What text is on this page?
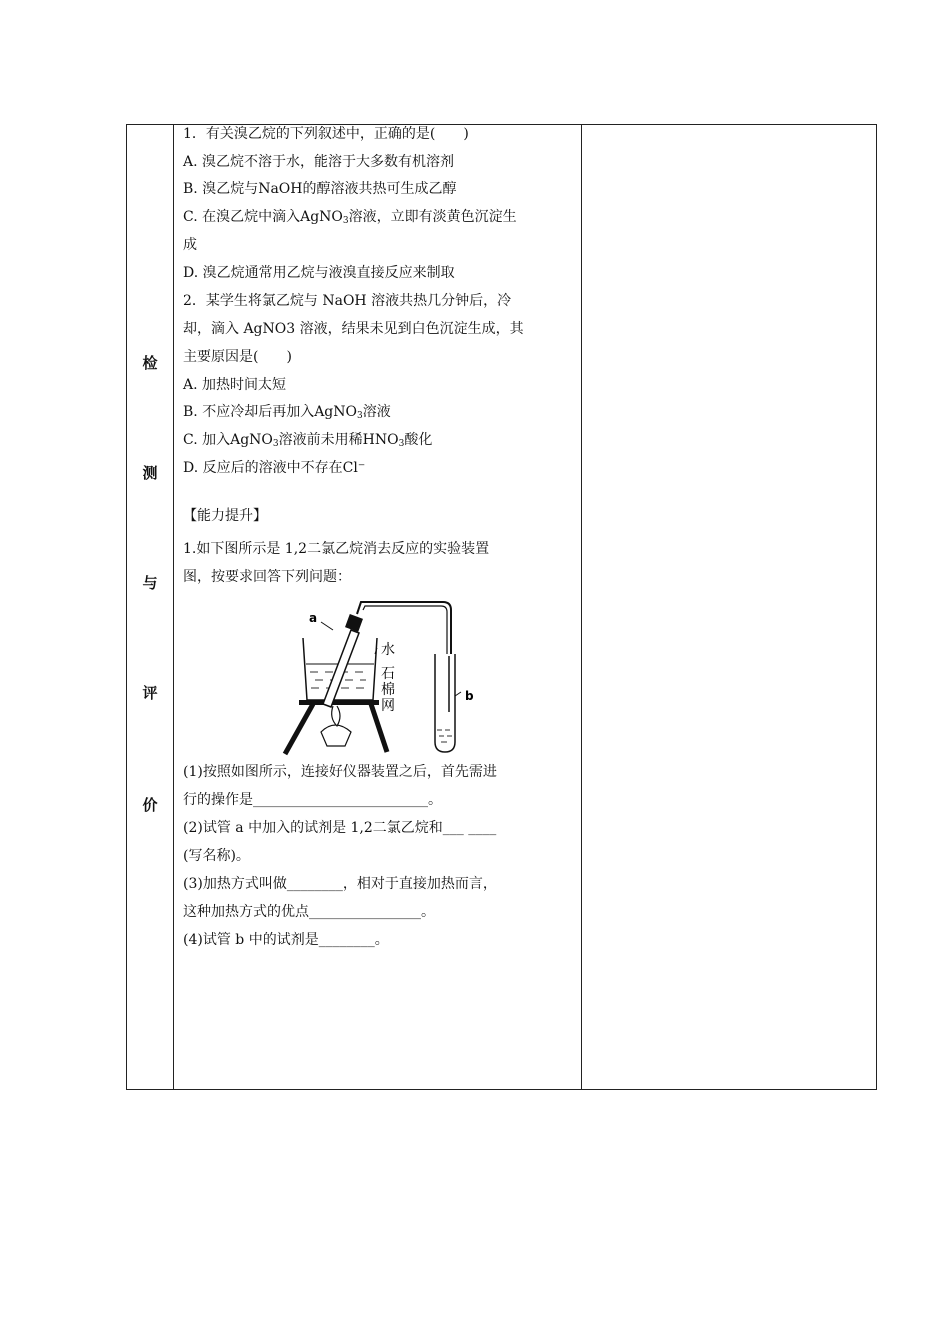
检
测
与
评
价
1．有关溴乙烷的下列叙述中，正确的是(　　)
A. 溴乙烷不溶于水，能溶于大多数有机溶剂
B. 溴乙烷与NaOH的醇溶液共热可生成乙醇
C. 在溴乙烷中滴入AgNO$_3$溶液，立即有淡黄色沉淀生
成
D. 溴乙烷通常用乙烷与液溴直接反应来制取
2．某学生将氯乙烷与 NaOH 溶液共热几分钟后，冷
却，滴入 AgNO3 溶液，结果未见到白色沉淀生成，其
主要原因是(　　)
A. 加热时间太短
B. 不应冷却后再加入AgNO$_3$溶液
C. 加入AgNO$_3$溶液前未用稀$HNO_3$酸化
D. 反应后的溶液中不存在Cl⁻
【能力提升】
1.如下图所示是 1,2二氯乙烷消去反应的实验装置
图，按要求回答下列问题：
(1)按照如图所示，连接好仪器装置之后，首先需进
行的操作是_________________________。
(2)试管 a 中加入的试剂是 1,2二氯乙烷和___ ____
(写名称)。
(3)加热方式叫做________，相对于直接加热而言，
这种加热方式的优点________________。
(4)试管 b 中的试剂是________。
a
b
水
石
棉
网
